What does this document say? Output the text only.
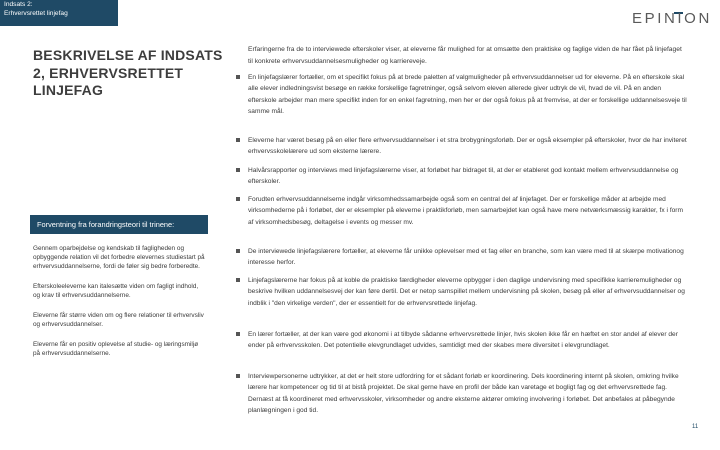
Indsats 2:
Erhvervsrettet linjefag	EPINION
BESKRIVELSE AF INDSATS 2, ERHVERVSRETTET LINJEFAG
Forventning fra forandringsteori til trinene:
Gennem oparbejdelse og kendskab til fagligheden og opbyggende relation vil det forbedre elevernes studiestart på erhvervsuddannelserne, fordi de føler sig bedre forberedte.
Efterskoleeleverne kan italesætte viden om fagligt indhold, og krav til erhvervsuddannelserne.
Eleverne får større viden om og flere relationer til erhvervsliv og erhvervsuddannelser.
Eleverne får en positiv oplevelse af studie- og læringsmiljø på erhvervsuddannelserne.
Erfaringerne fra de to interviewede efterskoler viser, at eleverne får mulighed for at omsætte den praktiske og faglige viden de har fået på linjefaget til konkrete erhvervsuddannelsesmuligheder og karriereveje.
En linjefagslærer fortæller, om et specifikt fokus på at brede paletten af valgmuligheder på erhvervsuddannelser ud for eleverne. På en efterskole skal alle elever indledningsvist besøge en række forskellige fagretninger, også selvom eleven allerede giver udtryk de vil, hvad de vil. På en anden efterskole arbejder man mere specifikt inden for en enkel fagretning, men her er der også fokus på at fremvise, at der er forskellige uddannelsesveje til samme mål.
Eleverne har været besøg på en eller flere erhvervsuddannelser i et stra brobygningsforløb. Der er også eksempler på efterskoler, hvor de har inviteret erhvervsskolelærere ud som eksterne lærere.
Halvårsrapporter og interviews med linjefagslærerne viser, at forløbet har bidraget til, at der er etableret god kontakt mellem erhvervsuddannelse og efterskoler.
Forudten erhvervsuddannelserne indgår virksomhedssamarbejde også som en central del af linjefaget. Der er forskellige måder at arbejde med virksomhederne på i forløbet, der er eksempler på eleverne i praktikforløb, men samarbejdet kan også have mere netværksmæssig karakter, fx i form af virksomhedsbesøg, deltagelse i events og messer mv.
De interviewede linjefagslærere fortæller, at eleverne får unikke oplevelser med et fag eller en branche, som kan være med til at skærpe motivationog interesse herfor.
Linjefagslærerne har fokus på at koble de praktiske færdigheder eleverne opbygger i den daglige undervisning med specifikke karrieremuligheder og beskrive hvilken uddannelsesvej der kan føre dertil. Det er netop samspillet mellem undervisning på skolen, besøg på eller af erhvervsuddannelser og indblik i "den virkelige verden", der er essentielt for de erhvervsrettede linjefag.
En lærer fortæller, at der kan være god økonomi i at tilbyde sådanne erhvervsrettede linjer, hvis skolen ikke får en hæftet en stor andel af elever der ender på erhvervsskolen. Det potentielle elevgrundlaget udvides, samtidigt med der skabes mere diversitet i elevgrundlaget.
Interviewpersonerne udtrykker, at det er helt store udfordring for et sådant forløb er koordinering. Dels koordinering internt på skolen, omkring hvilke lærere har kompetencer og tid til at bistå projektet. De skal gerne have en profil der både kan varetage et bogligt fag og det erhvervsrettede fag. Dernæst at få koordineret med erhvervsskoler, virksomheder og andre eksterne aktører omkring involvering i forløbet. Det anbefales at påbegynde planlægningen i god tid.
11
